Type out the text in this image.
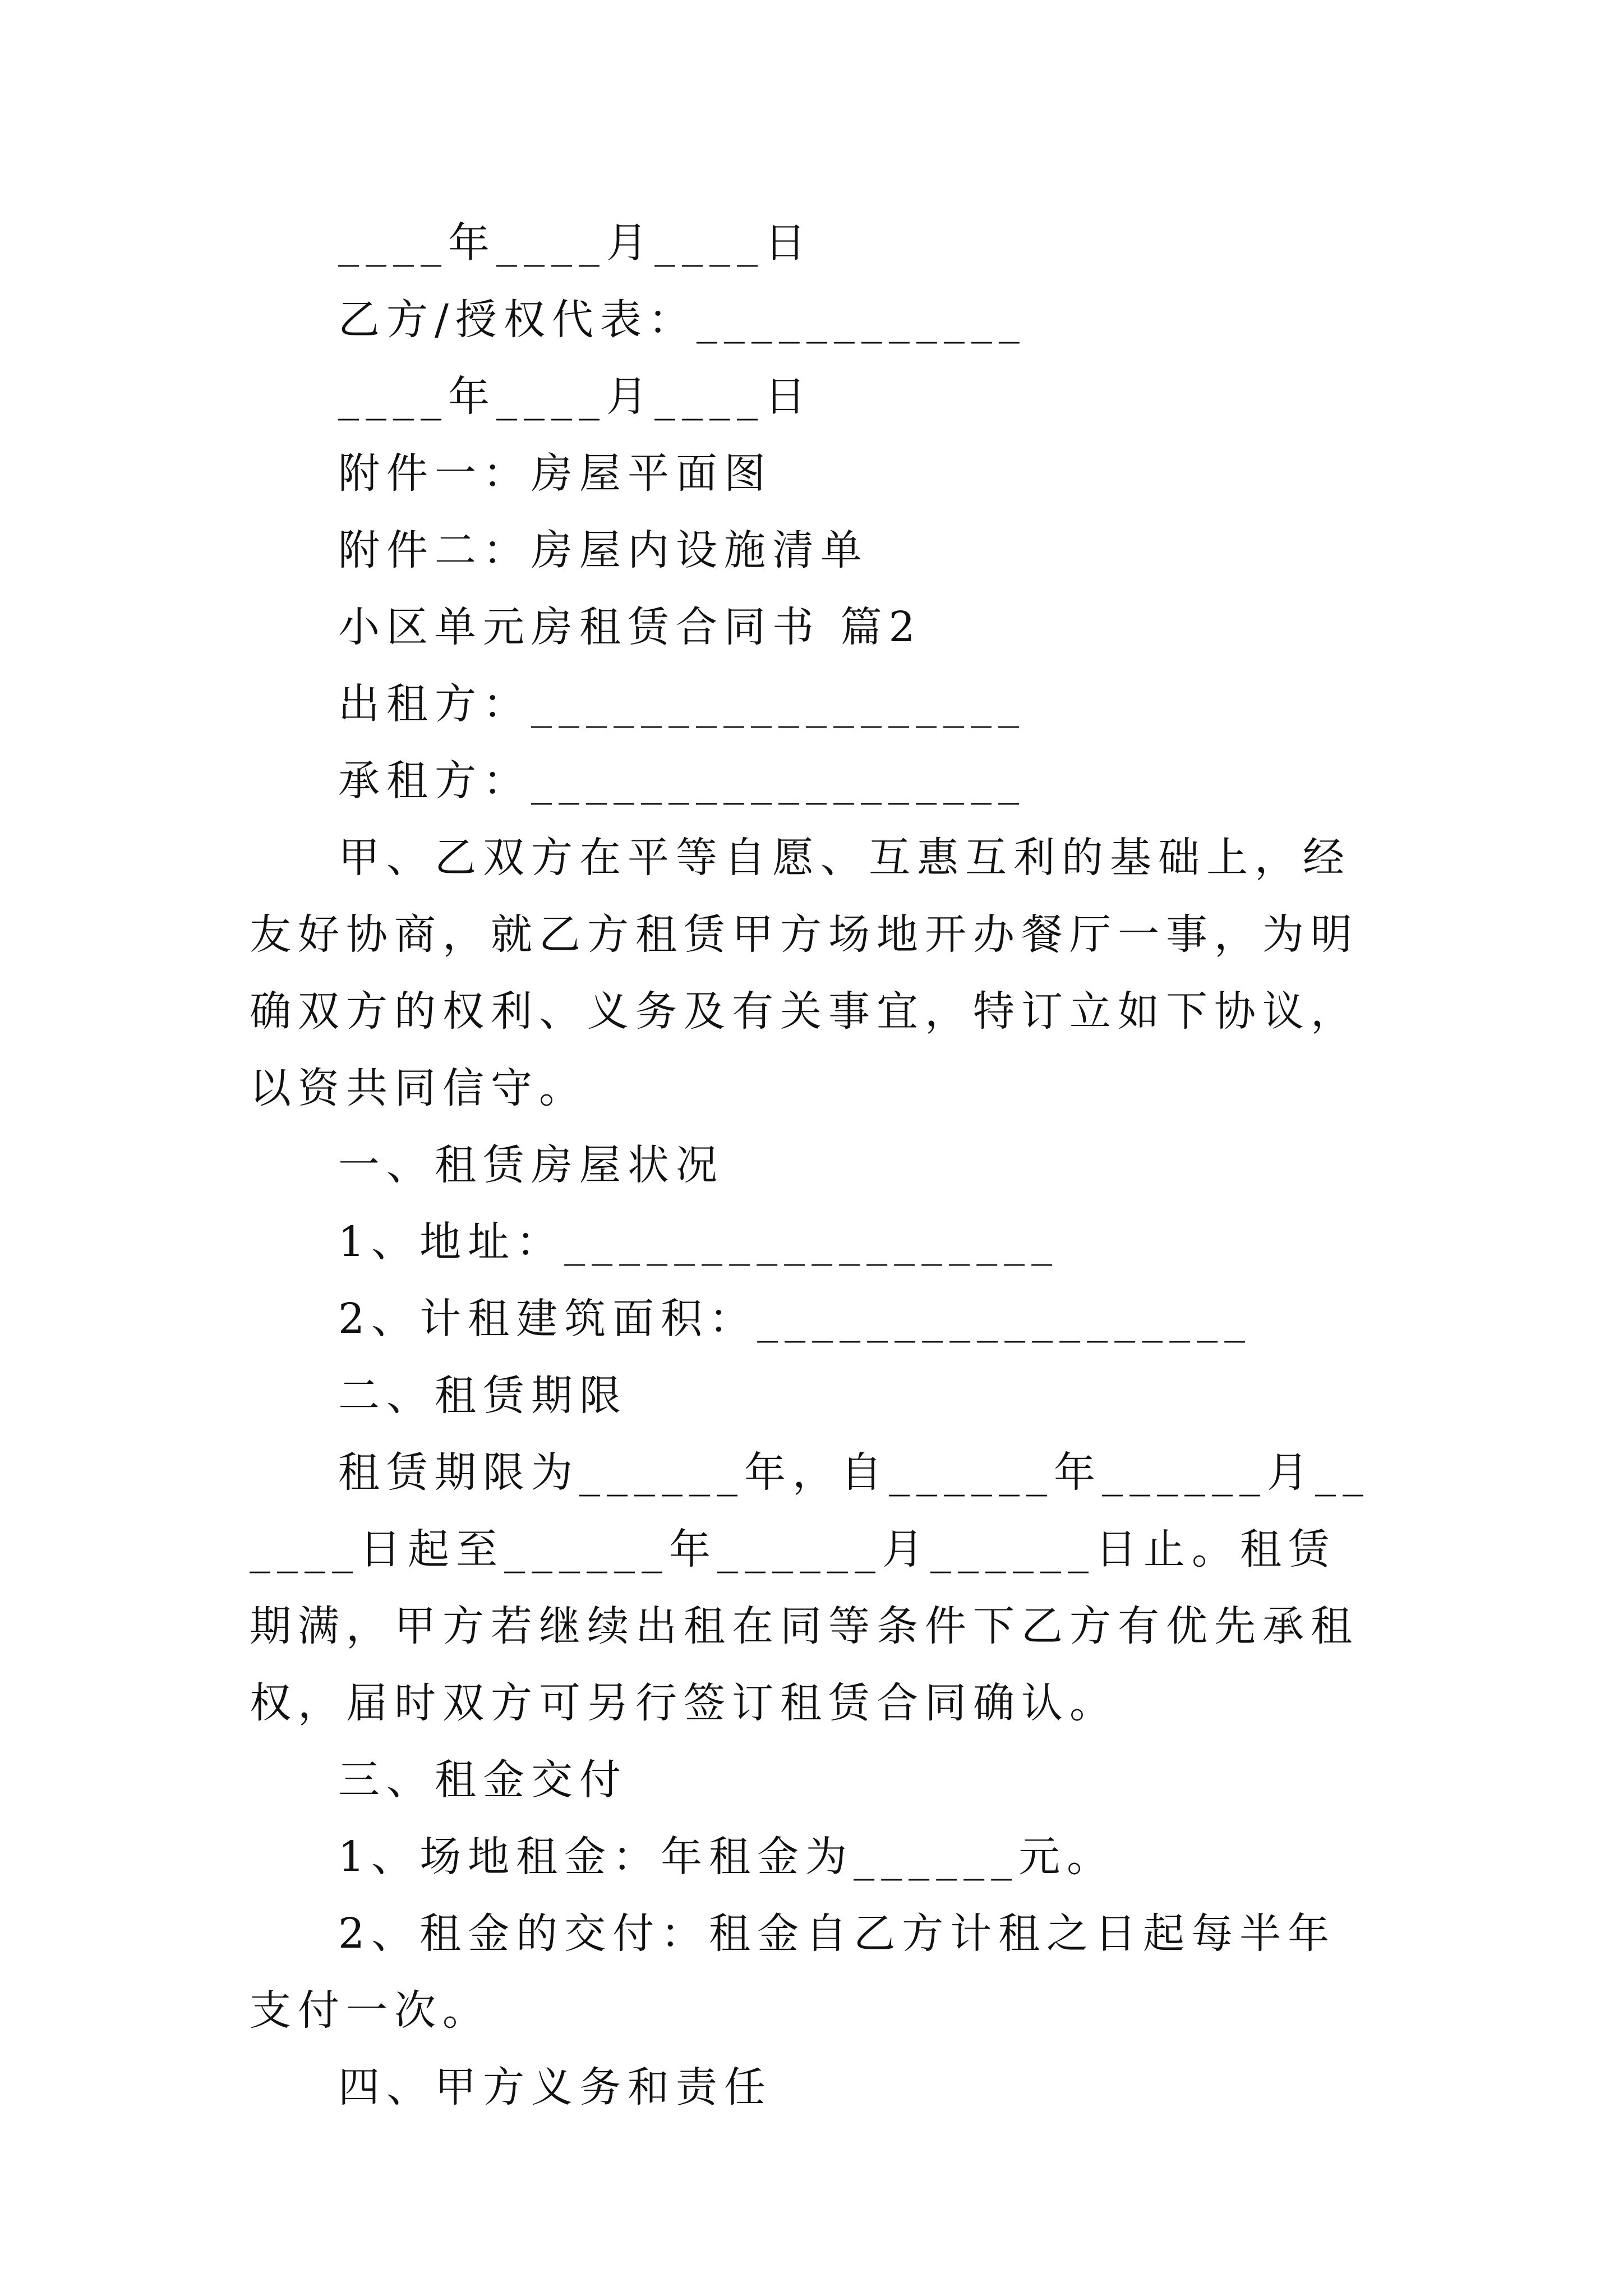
____年____月____日
乙方/授权代表：____________
____年____月____日
附件一：房屋平面图
附件二：房屋内设施清单
小区单元房租赁合同书 篇2
出租方：__________________
承租方：__________________

甲、乙双方在平等自愿、互惠互利的基础上，经友好协商，就乙方租赁甲方场地开办餐厅一事，为明确双方的权利、义务及有关事宜，特订立如下协议，以资共同信守。

一、租赁房屋状况
1、地址：__________________
2、计租建筑面积：__________________
二、租赁期限

租赁期限为______年，自______年______月______日起至______年______月______日止。租赁期满，甲方若继续出租在同等条件下乙方有优先承租权，届时双方可另行签订租赁合同确认。

三、租金交付
1、场地租金：年租金为______元。

2、租金的交付：租金自乙方计租之日起每半年支付一次。

四、甲方义务和责任
